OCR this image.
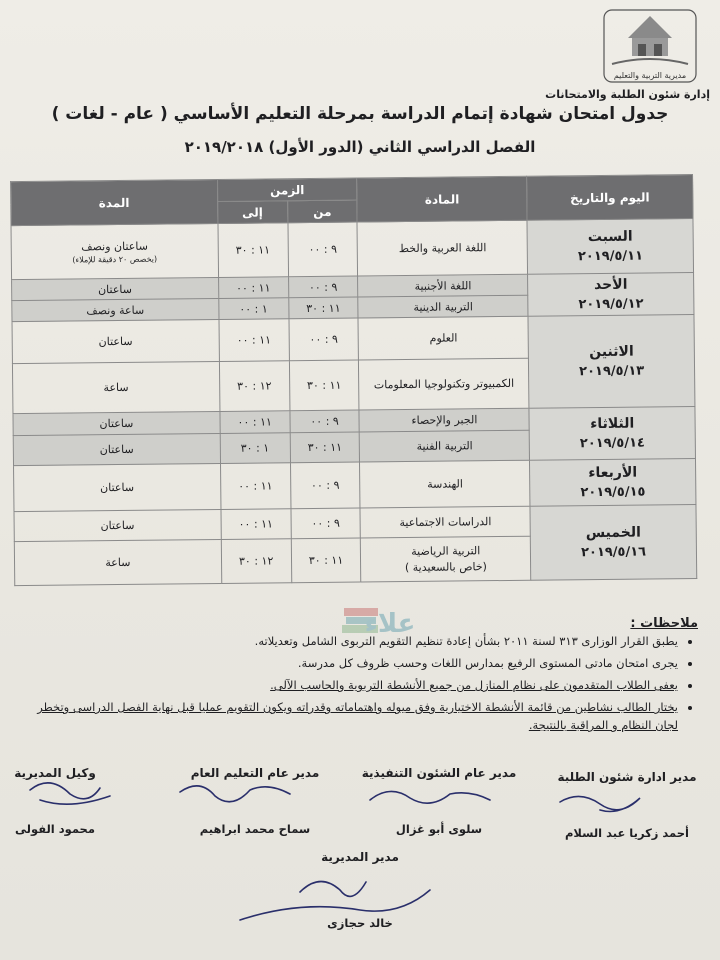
مديرية التربية والتعليم
إدارة شئون الطلبة والامتحانات
جدول امتحان شهادة إتمام الدراسة بمرحلة التعليم الأساسي ( عام - لغات )
الفصل الدراسي الثاني (الدور الأول) ٢٠١٩/٢٠١٨
اليوم والتاريخ	المادة	الزمن		المدة
		من	إلى	

السبت
٢٠١٩/٥/١١	اللغة العربية والخط	٩ : ٠٠	١١ : ٣٠	ساعتان ونصف
(يخصص ٢٠ دقيقة للإملاء)

الأحد
٢٠١٩/٥/١٢	اللغة الأجنبية	٩ : ٠٠	١١ : ٠٠	ساعتان
	التربية الدينية	١١ : ٣٠	١ : ٠٠	ساعة ونصف

الاثنين
٢٠١٩/٥/١٣	العلوم	٩ : ٠٠	١١ : ٠٠	ساعتان
	الكمبيوتر وتكنولوجيا المعلومات	١١ : ٣٠	١٢ : ٣٠	ساعة

الثلاثاء
٢٠١٩/٥/١٤	الجبر والإحصاء	٩ : ٠٠	١١ : ٠٠	ساعتان
	التربية الفنية	١١ : ٣٠	١ : ٣٠	ساعتان

الأربعاء
٢٠١٩/٥/١٥	الهندسة	٩ : ٠٠	١١ : ٠٠	ساعتان

الخميس
٢٠١٩/٥/١٦	الدراسات الاجتماعية	٩ : ٠٠	١١ : ٠٠	ساعتان

	التربية الرياضية
(خاص بالسعيدية )	١١ : ٣٠	١٢ : ٣٠	ساعة
علاء	ملاحظات :
• يطبق القرار الوزارى ٣١٣ لسنة ٢٠١١ بشأن إعادة تنظيم التقويم التربوى الشامل وتعديلاته.
• يجرى امتحان مادتى المستوى الرفيع بمدارس اللغات وحسب ظروف كل مدرسة.
• يعفى الطلاب المتقدمون على نظام المنازل من جميع الأنشطة التربوية والحاسب الآلى.
• يختار الطالب نشاطين من قائمة الأنشطة الاختيارية وفق ميوله واهتماماته وقدراته ويكون التقويم عمليا قبل نهاية الفصل الدراسى وتخطر لجان النظام و المراقبة بالنتيجة.
مدير ادارة شئون الطلبة
أحمد زكريا عبد السلام
مدير عام الشئون التنفيذية
سلوى أبو غزال
مدير عام التعليم العام
سماح محمد ابراهيم
وكيل المديرية
محمود الفولى
مدير المديرية
خالد حجازى
